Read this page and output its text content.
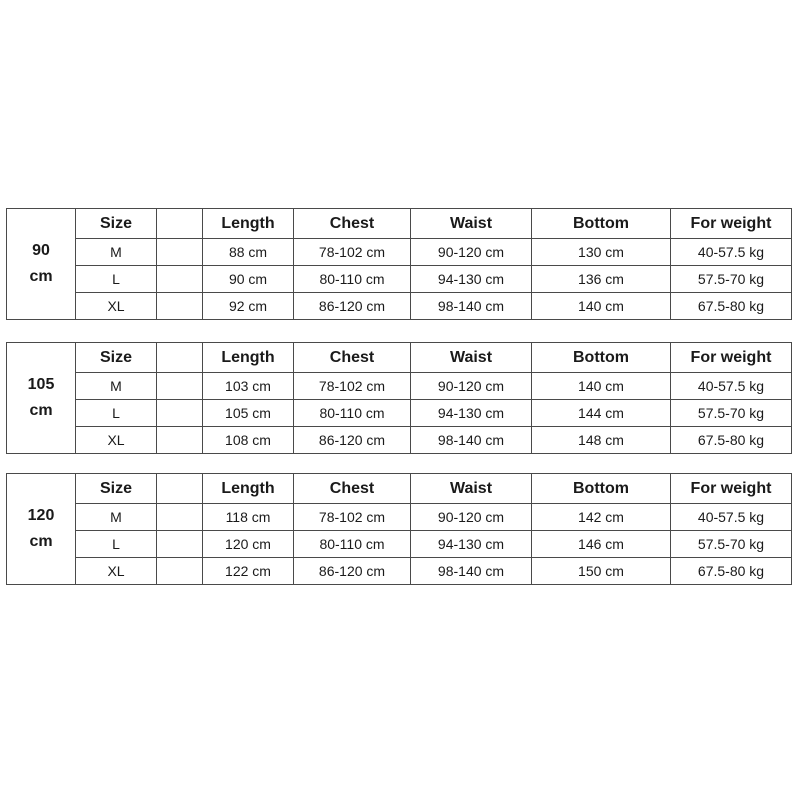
90
cm	Size		Length	Chest	Waist	Bottom	For weight
	M		88 cm	78-102 cm	90-120 cm	130 cm	40-57.5 kg
	L		90 cm	80-110 cm	94-130 cm	136 cm	57.5-70 kg
	XL		92 cm	86-120 cm	98-140 cm	140 cm	67.5-80 kg
105
cm	Size		Length	Chest	Waist	Bottom	For weight
	M		103 cm	78-102 cm	90-120 cm	140 cm	40-57.5 kg
	L		105 cm	80-110 cm	94-130 cm	144 cm	57.5-70 kg
	XL		108 cm	86-120 cm	98-140 cm	148 cm	67.5-80 kg
120
cm	Size		Length	Chest	Waist	Bottom	For weight
	M		118 cm	78-102 cm	90-120 cm	142 cm	40-57.5 kg
	L		120 cm	80-110 cm	94-130 cm	146 cm	57.5-70 kg
	XL		122 cm	86-120 cm	98-140 cm	150 cm	67.5-80 kg
